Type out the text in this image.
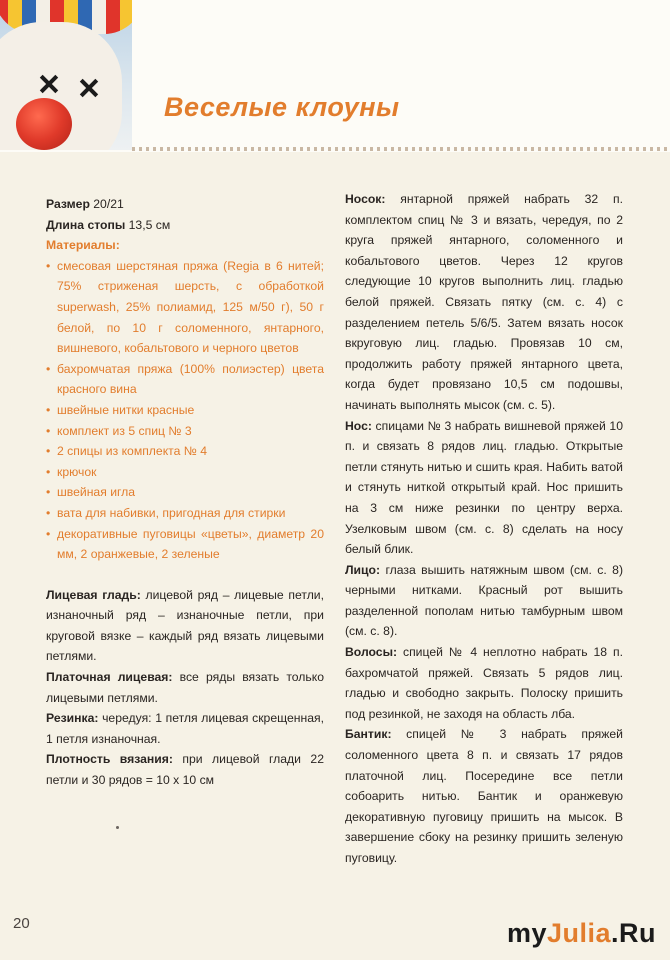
Веселые клоуны

Размер 20/21

Длина стопы 13,5 см

Материалы:

• смесовая шерстяная пряжа (Regia в 6 нитей; 75% стриженая шерсть, с обработкой superwash, 25% полиамид, 125 м/50 г), 50 г белой, по 10 г соломенного, янтарного, вишневого, кобальтового и черного цветов
• бахромчатая пряжа (100% полиэстер) цвета красного вина
• швейные нитки красные
• комплект из 5 спиц № 3
• 2 спицы из комплекта № 4
• крючок
• швейная игла
• вата для набивки, пригодная для стирки
• декоративные пуговицы «цветы», диаметр 20 мм, 2 оранжевые, 2 зеленые

Лицевая гладь: лицевой ряд – лицевые петли, изнаночный ряд – изнаночные петли, при круговой вязке – каждый ряд вязать лицевыми петлями.

Платочная лицевая: все ряды вязать только лицевыми петлями.

Резинка: чередуя: 1 петля лицевая скрещенная, 1 петля изнаночная.

Плотность вязания: при лицевой глади 22 петли и 30 рядов = 10 х 10 см

Носок: янтарной пряжей набрать 32 п. комплектом спиц № 3 и вязать, чередуя, по 2 круга пряжей янтарного, соломенного и кобальтового цветов. Через 12 кругов следующие 10 кругов выполнить лиц. гладью белой пряжей. Связать пятку (см. с. 4) с разделением петель 5/6/5. Затем вязать носок вкруговую лиц. гладью. Провязав 10 см, продолжить работу пряжей янтарного цвета, когда будет провязано 10,5 см подошвы, начинать выполнять мысок (см. с. 5).

Нос: спицами № 3 набрать вишневой пряжей 10 п. и связать 8 рядов лиц. гладью. Открытые петли стянуть нитью и сшить края. Набить ватой и стянуть ниткой открытый край. Нос пришить на 3 см ниже резинки по центру верха. Узелковым швом (см. с. 8) сделать на носу белый блик.

Лицо: глаза вышить натяжным швом (см. с. 8) черными нитками. Красный рот вышить разделенной пополам нитью тамбурным швом (см. с. 8).

Волосы: спицей № 4 неплотно набрать 18 п. бахромчатой пряжей. Связать 5 рядов лиц. гладью и свободно закрыть. Полоску пришить под резинкой, не заходя на область лба.

Бантик: спицей № 3 набрать пряжей соломенного цвета 8 п. и связать 17 рядов платочной лиц. Посередине все петли собоарить нитью. Бантик и оранжевую декоративную пуговицу пришить на мысок. В завершение сбоку на резинку пришить зеленую пуговицу.

20	myJulia.Ru
